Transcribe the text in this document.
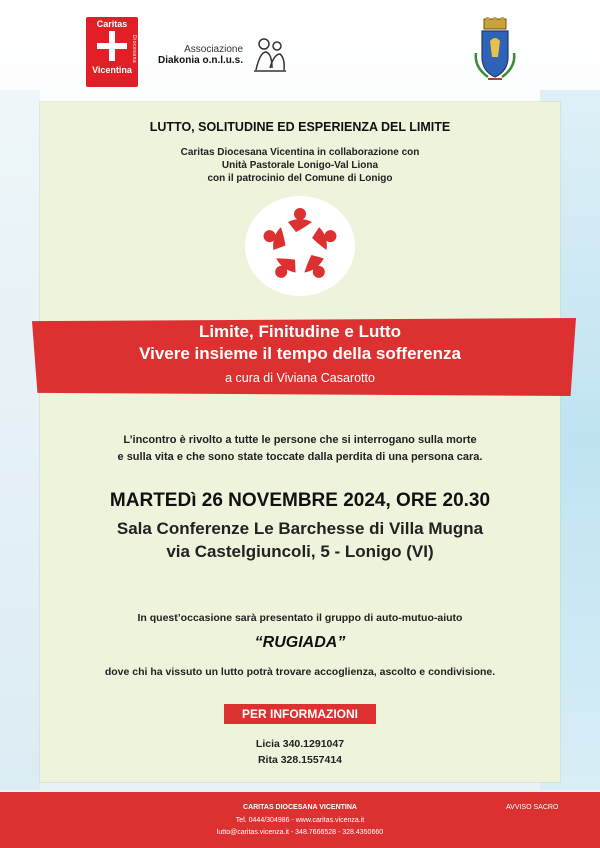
Caritas
Diocesana
Vicentina
Associazione
Diakonia o.n.l.u.s.
LUTTO, SOLITUDINE ED ESPERIENZA DEL LIMITE
Caritas Diocesana Vicentina in collaborazione con
Unità Pastorale Lonigo-Val Liona
con il patrocinio del Comune di Lonigo
Limite, Finitudine e Lutto
Vivere insieme il tempo della sofferenza
a cura di Viviana Casarotto
L’incontro è rivolto a tutte le persone che si interrogano sulla morte
e sulla vita e che sono state toccate dalla perdita di una persona cara.
MARTEDì 26 NOVEMBRE 2024, ORE 20.30
Sala Conferenze Le Barchesse di Villa Mugna
via Castelgiuncoli, 5 - Lonigo (VI)
In quest’occasione sarà presentato il gruppo di auto-mutuo-aiuto
“RUGIADA”
dove chi ha vissuto un lutto potrà trovare accoglienza, ascolto e condivisione.
PER INFORMAZIONI
Licia 340.1291047
Rita 328.1557414
CARITAS DIOCESANA VICENTINA
Tel. 0444/304986 - www.caritas.vicenza.it
lutto@caritas.vicenza.it - 348.7666528 - 328.4350660
AVVISO SACRO
